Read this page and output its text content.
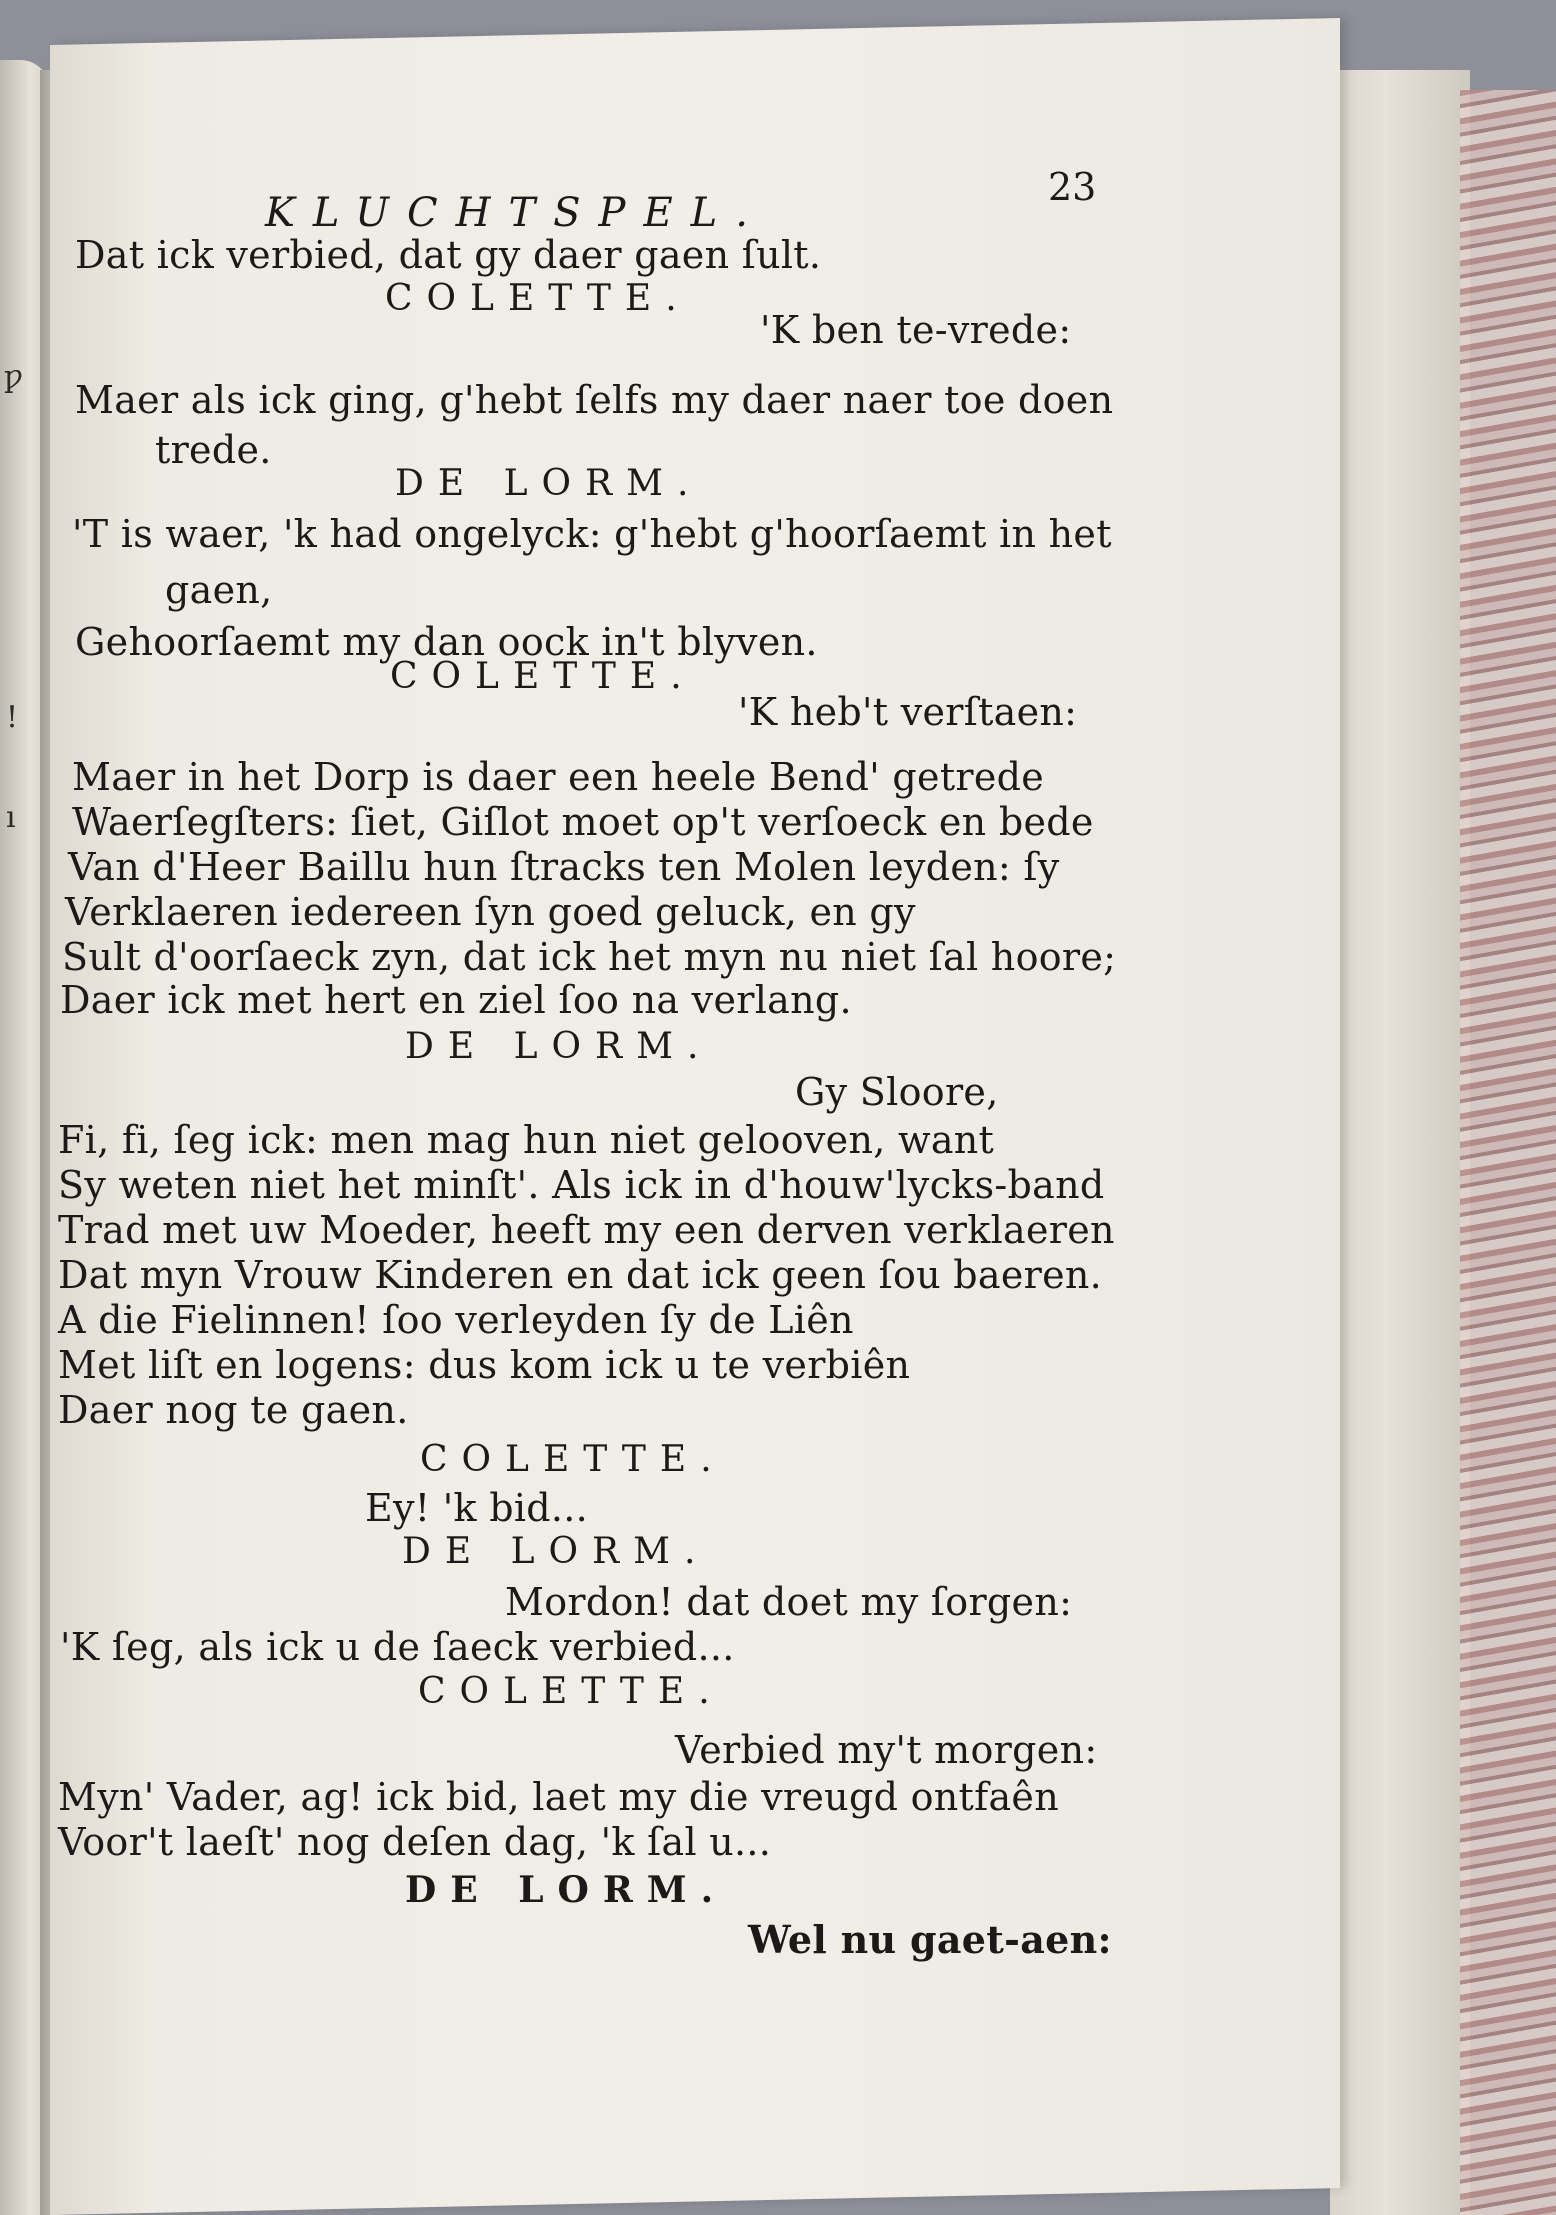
ƿ
!
ı
KLUCHTSPEL.
23
Dat ick verbied, dat gy daer gaen ſult.
COLETTE.
'K ben te-vrede:
Maer als ick ging, g'hebt ſelfs my daer naer toe doen
trede.
DE LORM.
'T is waer, 'k had ongelyck: g'hebt g'hoorſaemt in het
gaen,
Gehoorſaemt my dan oock in't blyven.
COLETTE.
'K heb't verſtaen:
Maer in het Dorp is daer een heele Bend' getrede
Waerſegſters: ſiet, Giſlot moet op't verſoeck en bede
Van d'Heer Baillu hun ſtracks ten Molen leyden: ſy
Verklaeren iedereen ſyn goed geluck, en gy
Sult d'oorſaeck zyn, dat ick het myn nu niet ſal hoore;
Daer ick met hert en ziel ſoo na verlang.
DE LORM.
Gy Sloore,
Fi, fi, ſeg ick: men mag hun niet gelooven, want
Sy weten niet het minſt'. Als ick in d'houw'lycks-band
Trad met uw Moeder, heeft my een derven verklaeren
Dat myn Vrouw Kinderen en dat ick geen ſou baeren.
A die Fielinnen! ſoo verleyden ſy de Liên
Met liſt en logens: dus kom ick u te verbiên
Daer nog te gaen.
COLETTE.
Ey! 'k bid...
DE LORM.
Mordon! dat doet my ſorgen:
'K ſeg, als ick u de ſaeck verbied...
COLETTE.
Verbied my't morgen:
Myn' Vader, ag! ick bid, laet my die vreugd ontfaên
Voor't laeſt' nog deſen dag, 'k ſal u...
DE LORM.
Wel nu gaet-aen:
